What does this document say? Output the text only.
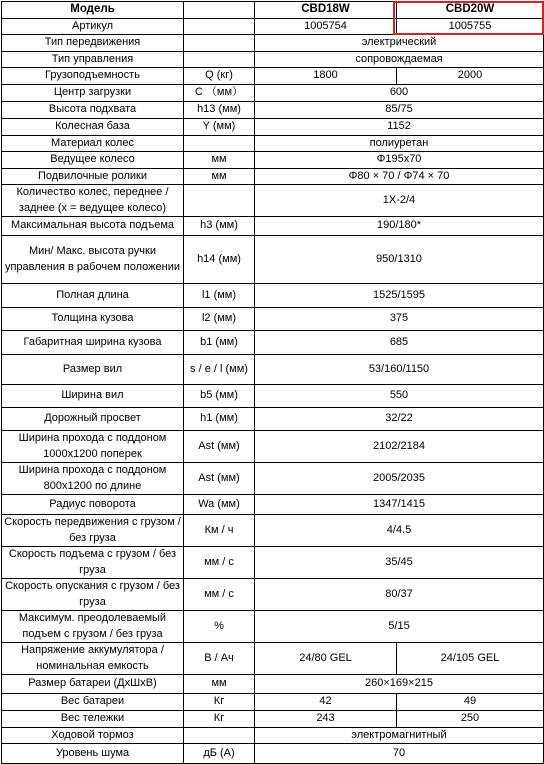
Модель		CBD18W	CBD20W
Артикул		1005754	1005755
Тип передвижения		электрический	
Тип управления		сопровождаемая	
Грузоподъемность	Q (кг)	1800	2000
Центр загрузки	C （мм）	600	
Высота подхвата	h13 (мм)	85/75	
Колесная база	Y (мм)	1152	
Материал колес		полиуретан	
Ведущее колесо	мм	Φ195x70	
Подвилочные ролики	мм	Φ80 × 70 / Φ74 × 70	
Количество колес, переднее / заднее (х = ведущее колесо)		1X-2/4	
Максимальная высота подъема	h3 (мм)	190/180*	
Мин/ Макс. высота ручки управления в рабочем положении	h14 (мм)	950/1310	
Полная длина	l1 (мм)	1525/1595	
Толщина кузова	l2 (мм)	375	
Габаритная ширина кузова	b1 (мм)	685	
Размер вил	s / e / l (мм)	53/160/1150	
Ширина вил	b5 (мм)	550	
Дорожный просвет	h1 (мм)	32/22	
Ширина прохода с поддоном 1000x1200 поперек	Ast (мм)	2102/2184	
Ширина прохода с поддоном 800x1200 по длине	Ast (мм)	2005/2035	
Радиус поворота	Wa (мм)	1347/1415	
Скорость передвижения с грузом / без груза	Км / ч	4/4.5	
Скорость подъема с грузом / без груза	мм / с	35/45	
Скорость опускания с грузом / без груза	мм / с	80/37	
Максимум. преодолеваемый подъем с грузом / без груза	%	5/15	
Напряжение аккумулятора / номинальная емкость	В / Ач	24/80 GEL	24/105 GEL
Размер батареи (ДхШхВ)	мм	260×169×215	
Вес батареи	Кг	42	49
Вес тележки	Кг	243	250
Ходовой тормоз		электромагнитный	
Уровень шума	дБ (А)	70	
